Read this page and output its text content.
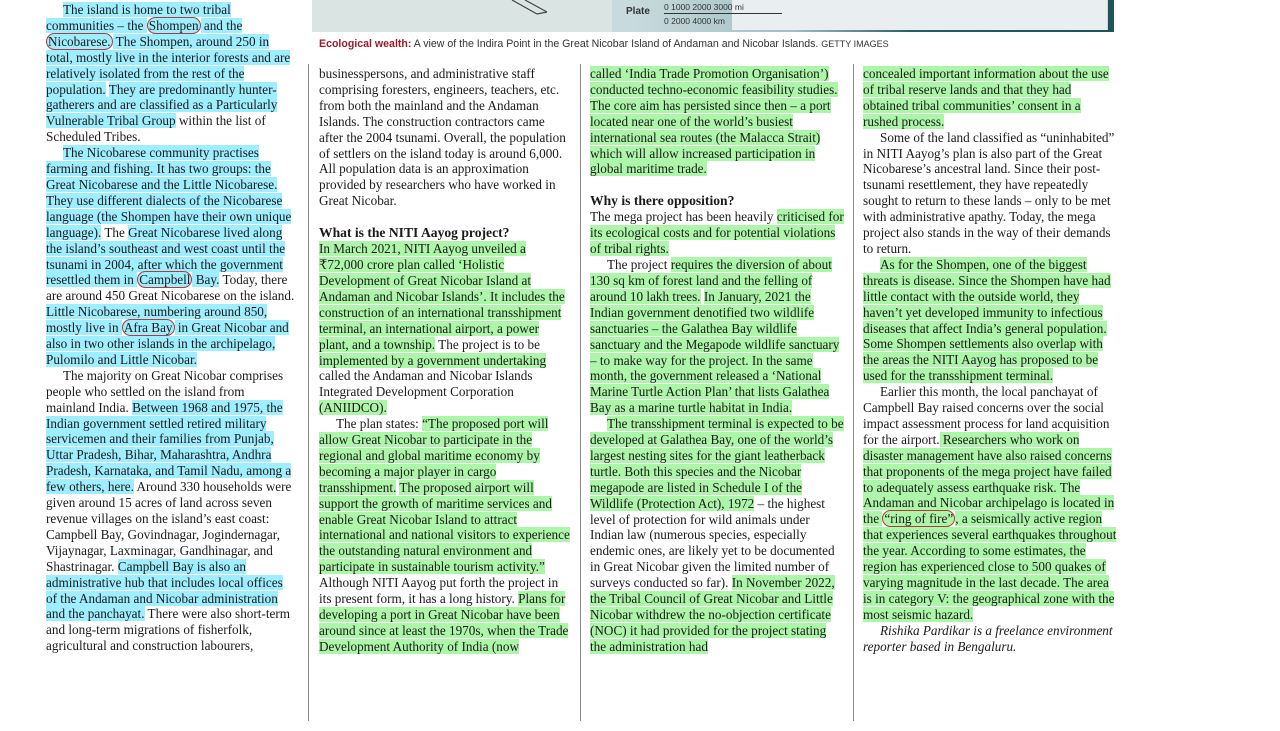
Plate 0 1000 2000 3000 mi
0 2000 4000 km
Ecological wealth: A view of the Indira Point in the Great Nicobar Island of Andaman and Nicobar Islands. GETTY IMAGES

The island is home to two tribal communities – the Shompen and the Nicobarese. The Shompen, around 250 in total, mostly live in the interior forests and are relatively isolated from the rest of the population. They are predominantly hunter-gatherers and are classified as a Particularly Vulnerable Tribal Group within the list of Scheduled Tribes.

The Nicobarese community practises farming and fishing. It has two groups: the Great Nicobarese and the Little Nicobarese. They use different dialects of the Nicobarese language (the Shompen have their own unique language). The Great Nicobarese lived along the island’s southeast and west coast until the tsunami in 2004, after which the government resettled them in Campbell Bay. Today, there are around 450 Great Nicobarese on the island. Little Nicobarese, numbering around 850, mostly live in Afra Bay in Great Nicobar and also in two other islands in the archipelago, Pulomilo and Little Nicobar.

The majority on Great Nicobar comprises people who settled on the island from mainland India. Between 1968 and 1975, the Indian government settled retired military servicemen and their families from Punjab, Uttar Pradesh, Bihar, Maharashtra, Andhra Pradesh, Karnataka, and Tamil Nadu, among a few others, here. Around 330 households were given around 15 acres of land across seven revenue villages on the island’s east coast: Campbell Bay, Govindnagar, Jogindernagar, Vijaynagar, Laxminagar, Gandhinagar, and Shastrinagar. Campbell Bay is also an administrative hub that includes local offices of the Andaman and Nicobar administration and the panchayat. There were also short-term and long-term migrations of fisherfolk, agricultural and construction labourers,

businesspersons, and administrative staff comprising foresters, engineers, teachers, etc. from both the mainland and the Andaman Islands. The construction contractors came after the 2004 tsunami. Overall, the population of settlers on the island today is around 6,000. All population data is an approximation provided by researchers who have worked in Great Nicobar.

What is the NITI Aayog project?

In March 2021, NITI Aayog unveiled a ₹72,000 crore plan called ‘Holistic Development of Great Nicobar Island at Andaman and Nicobar Islands’. It includes the construction of an international transshipment terminal, an international airport, a power plant, and a township. The project is to be implemented by a government undertaking called the Andaman and Nicobar Islands Integrated Development Corporation (ANIIDCO).

The plan states: “The proposed port will allow Great Nicobar to participate in the regional and global maritime economy by becoming a major player in cargo transshipment. The proposed airport will support the growth of maritime services and enable Great Nicobar Island to attract international and national visitors to experience the outstanding natural environment and participate in sustainable tourism activity.” Although NITI Aayog put forth the project in its present form, it has a long history. Plans for developing a port in Great Nicobar have been around since at least the 1970s, when the Trade Development Authority of India (now

called ‘India Trade Promotion Organisation’) conducted techno-economic feasibility studies. The core aim has persisted since then – a port located near one of the world’s busiest international sea routes (the Malacca Strait) which will allow increased participation in global maritime trade.

Why is there opposition?

The mega project has been heavily criticised for its ecological costs and for potential violations of tribal rights.

The project requires the diversion of about 130 sq km of forest land and the felling of around 10 lakh trees. In January, 2021 the Indian government denotified two wildlife sanctuaries – the Galathea Bay wildlife sanctuary and the Megapode wildlife sanctuary – to make way for the project. In the same month, the government released a ‘National Marine Turtle Action Plan’ that lists Galathea Bay as a marine turtle habitat in India.

The transshipment terminal is expected to be developed at Galathea Bay, one of the world’s largest nesting sites for the giant leatherback turtle. Both this species and the Nicobar megapode are listed in Schedule I of the Wildlife (Protection Act), 1972 – the highest level of protection for wild animals under Indian law (numerous species, especially endemic ones, are likely yet to be documented in Great Nicobar given the limited number of surveys conducted so far). In November 2022, the Tribal Council of Great Nicobar and Little Nicobar withdrew the no-objection certificate (NOC) it had provided for the project stating the administration had

concealed important information about the use of tribal reserve lands and that they had obtained tribal communities’ consent in a rushed process.

Some of the land classified as “uninhabited” in NITI Aayog’s plan is also part of the Great Nicobarese’s ancestral land. Since their post-tsunami resettlement, they have repeatedly sought to return to these lands – only to be met with administrative apathy. Today, the mega project also stands in the way of their demands to return.

As for the Shompen, one of the biggest threats is disease. Since the Shompen have had little contact with the outside world, they haven’t yet developed immunity to infectious diseases that affect India’s general population. Some Shompen settlements also overlap with the areas the NITI Aayog has proposed to be used for the transshipment terminal.

Earlier this month, the local panchayat of Campbell Bay raised concerns over the social impact assessment process for land acquisition for the airport. Researchers who work on disaster management have also raised concerns that proponents of the mega project have failed to adequately assess earthquake risk. The Andaman and Nicobar archipelago is located in the “ring of fire” , a seismically active region that experiences several earthquakes throughout the year. According to some estimates, the region has experienced close to 500 quakes of varying magnitude in the last decade. The area is in category V: the geographical zone with the most seismic hazard.

Rishika Pardikar is a freelance environment reporter based in Bengaluru.
